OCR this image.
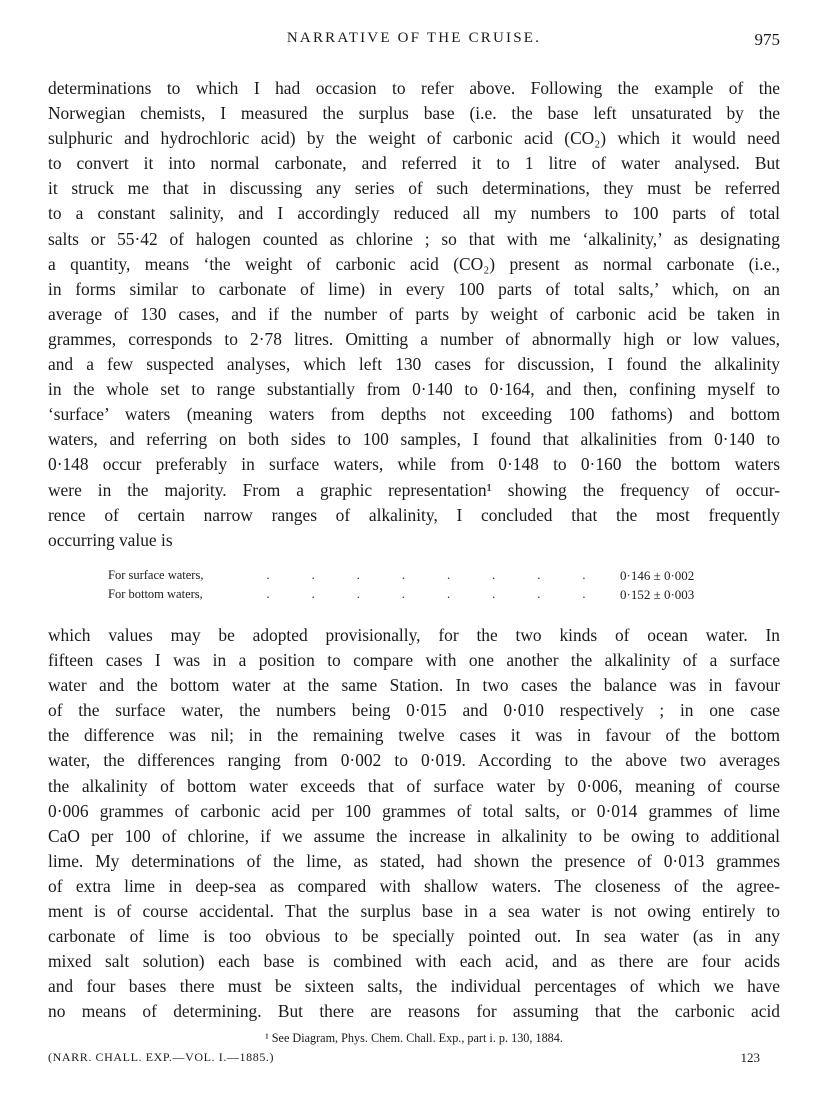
NARRATIVE OF THE CRUISE.	975
determinations to which I had occasion to refer above. Following the example of the
Norwegian chemists, I measured the surplus base (i.e. the base left unsaturated by the
sulphuric and hydrochloric acid) by the weight of carbonic acid (CO₂) which it would need
to convert it into normal carbonate, and referred it to 1 litre of water analysed. But
it struck me that in discussing any series of such determinations, they must be referred
to a constant salinity, and I accordingly reduced all my numbers to 100 parts of total
salts or 55·42 of halogen counted as chlorine ; so that with me ‘alkalinity,’ as designating
a quantity, means ‘the weight of carbonic acid (CO₂) present as normal carbonate (i.e.,
in forms similar to carbonate of lime) in every 100 parts of total salts,’ which, on an
average of 130 cases, and if the number of parts by weight of carbonic acid be taken in
grammes, corresponds to 2·78 litres. Omitting a number of abnormally high or low values,
and a few suspected analyses, which left 130 cases for discussion, I found the alkalinity
in the whole set to range substantially from 0·140 to 0·164, and then, confining myself to
‘surface’ waters (meaning waters from depths not exceeding 100 fathoms) and bottom
waters, and referring on both sides to 100 samples, I found that alkalinities from 0·140 to
0·148 occur preferably in surface waters, while from 0·148 to 0·160 the bottom waters
were in the majority. From a graphic representation¹ showing the frequency of occur-
rence of certain narrow ranges of alkalinity, I concluded that the most frequently
occurring value is
For surface waters,	.	.	.	.	.	.	.	.	0·146 ± 0·002
For bottom waters,	.	.	.	.	.	.	.	.	0·152 ± 0·003
which values may be adopted provisionally, for the two kinds of ocean water. In
fifteen cases I was in a position to compare with one another the alkalinity of a surface
water and the bottom water at the same Station. In two cases the balance was in favour
of the surface water, the numbers being 0·015 and 0·010 respectively ; in one case
the difference was nil; in the remaining twelve cases it was in favour of the bottom
water, the differences ranging from 0·002 to 0·019. According to the above two averages
the alkalinity of bottom water exceeds that of surface water by 0·006, meaning of course
0·006 grammes of carbonic acid per 100 grammes of total salts, or 0·014 grammes of lime
CaO per 100 of chlorine, if we assume the increase in alkalinity to be owing to additional
lime. My determinations of the lime, as stated, had shown the presence of 0·013 grammes
of extra lime in deep-sea as compared with shallow waters. The closeness of the agree-
ment is of course accidental. That the surplus base in a sea water is not owing entirely to
carbonate of lime is too obvious to be specially pointed out. In sea water (as in any
mixed salt solution) each base is combined with each acid, and as there are four acids
and four bases there must be sixteen salts, the individual percentages of which we have
no means of determining. But there are reasons for assuming that the carbonic acid
¹ See Diagram, Phys. Chem. Chall. Exp., part i. p. 130, 1884.
(NARR. CHALL. EXP.—VOL. I.—1885.)	123
